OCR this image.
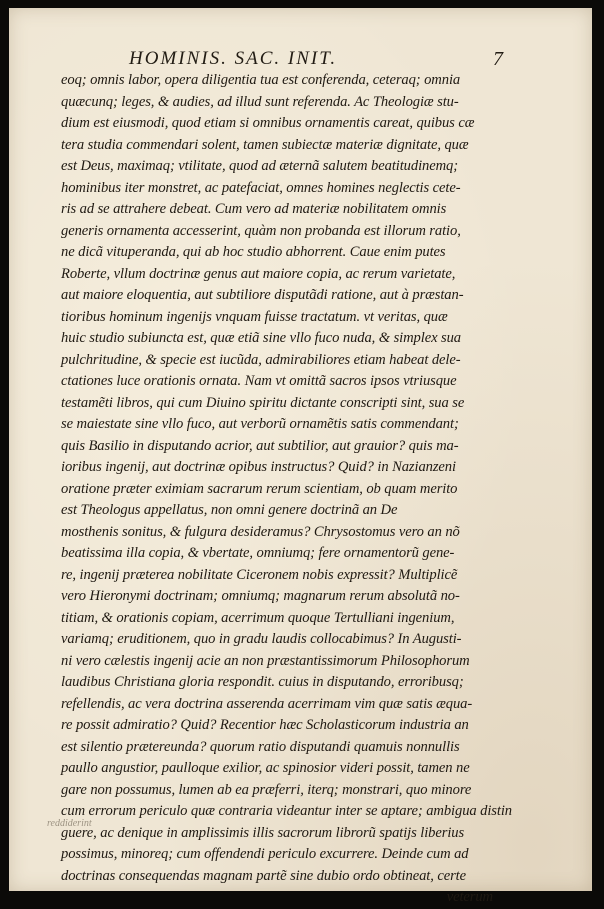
HOMINIS. SAC. INIT.	7
eoq; omnis labor, opera diligentia tua est conferenda, ceteraq; omnia
quæcunq; leges, & audies, ad illud sunt referenda. Ac Theologiæ stu-
dium est eiusmodi, quod etiam si omnibus ornamentis careat, quibus cæ
tera studia commendari solent, tamen subiectæ materiæ dignitate, quæ
est Deus, maximaq; vtilitate, quod ad æternã salutem beatitudinemq;
hominibus iter monstret, ac patefaciat, omnes homines neglectis cete-
ris ad se attrahere debeat. Cum vero ad materiæ nobilitatem omnis
generis ornamenta accesserint, quàm non probanda est illorum ratio,
ne dicã vituperanda, qui ab hoc studio abhorrent. Caue enim putes
Roberte, vllum doctrinæ genus aut maiore copia, ac rerum varietate,
aut maiore eloquentia, aut subtiliore disputãdi ratione, aut à præstan-
tioribus hominum ingenijs vnquam fuisse tractatum. vt veritas, quæ
huic studio subiuncta est, quæ etiã sine vllo fuco nuda, & simplex sua
pulchritudine, & specie est iucũda, admirabiliores etiam habeat dele-
ctationes luce orationis ornata. Nam vt omittã sacros ipsos vtriusque
testamẽti libros, qui cum Diuino spiritu dictante conscripti sint, sua se
se maiestate sine vllo fuco, aut verborũ ornamẽtis satis commendant;
quis Basilio in disputando acrior, aut subtilior, aut grauior? quis ma-
ioribus ingenij, aut doctrinæ opibus instructus? Quid? in Nazianzeni
oratione præter eximiam sacrarum rerum scientiam, ob quam merito
est Theologus appellatus, non omni genere doctrinã an De
mosthenis sonitus, & fulgura desideramus? Chrysostomus vero an nõ
beatissima illa copia, & vbertate, omniumq; fere ornamentorũ gene-
re, ingenij præterea nobilitate Ciceronem nobis expressit? Multiplicẽ
vero Hieronymi doctrinam; omniumq; magnarum rerum absolutã no-
titiam, & orationis copiam, acerrimum quoque Tertulliani ingenium,
variamq; eruditionem, quo in gradu laudis collocabimus? In Augusti-
ni vero cælestis ingenij acie an non præstantissimorum Philosophorum
laudibus Christiana gloria respondit. cuius in disputando, erroribusq;
refellendis, ac vera doctrina asserenda acerrimam vim quæ satis æqua-
re possit admiratio? Quid? Recentior hæc Scholasticorum industria an
est silentio prætereunda? quorum ratio disputandi quamuis nonnullis
paullo angustior, paulloque exilior, ac spinosior videri possit, tamen ne
gare non possumus, lumen ab ea præferri, iterq; monstrari, quo minore
cum errorum periculo quæ contraria videantur inter se aptare; ambigua distin
guere, ac denique in amplissimis illis sacrorum librorũ spatijs liberius
possimus, minoreq; cum offendendi periculo excurrere. Deinde cum ad
doctrinas consequendas magnam partẽ sine dubio ordo obtineat, certe
veterum
reddiderint
